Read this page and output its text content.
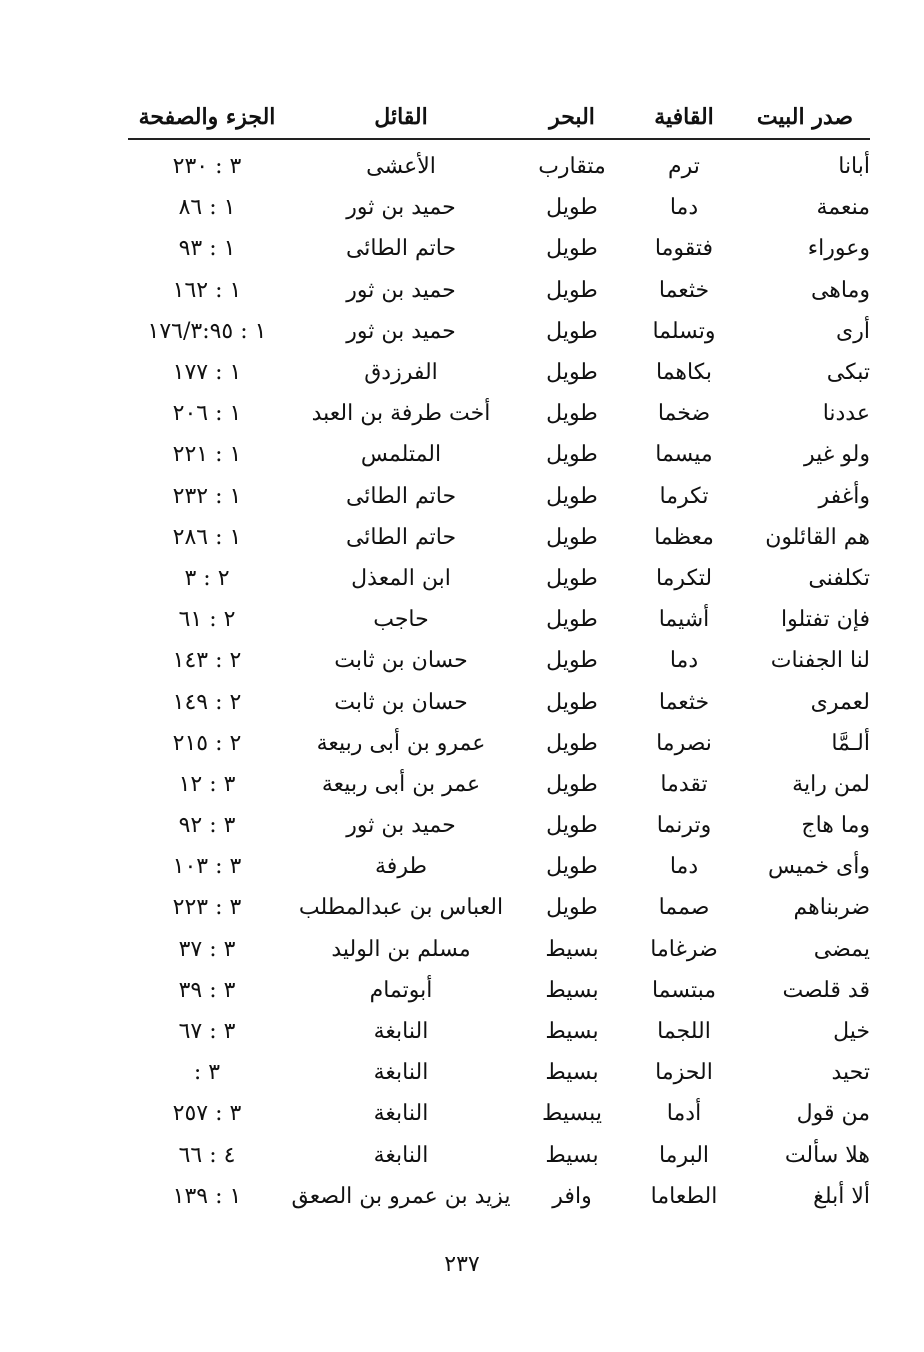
صدر البيت	القافية	البحر	القائل	الجزء والصفحة
أبانا	ترم	متقارب	الأعشى	٣ : ٢٣٠
منعمة	دما	طويل	حميد بن ثور	١ : ٨٦
وعوراء	فتقوما	طويل	حاتم الطائى	١ : ٩٣
وماهى	خثعما	طويل	حميد بن ثور	١ : ١٦٢
أرى	وتسلما	طويل	حميد بن ثور	١ : ١٧٦/٣:٩٥
تبكى	بكاهما	طويل	الفرزدق	١ : ١٧٧
عددنا	ضخما	طويل	أخت طرفة بن العبد	١ : ٢٠٦
ولو غير	ميسما	طويل	المتلمس	١ : ٢٢١
وأغفر	تكرما	طويل	حاتم الطائى	١ : ٢٣٢
هم القائلون	معظما	طويل	حاتم الطائى	١ : ٢٨٦
تكلفنى	لتكرما	طويل	ابن المعذل	٢ : ٣
فإن تفتلوا	أشيما	طويل	حاجب	٢ : ٦١
لنا الجفنات	دما	طويل	حسان بن ثابت	٢ : ١٤٣
لعمرى	خثعما	طويل	حسان بن ثابت	٢ : ١٤٩
ألـمَّا	نصرما	طويل	عمرو بن أبى ربيعة	٢ : ٢١٥
لمن راية	تقدما	طويل	عمر بن أبى ربيعة	٣ : ١٢
وما هاج	وترنما	طويل	حميد بن ثور	٣ : ٩٢
وأى خميس	دما	طويل	طرفة	٣ : ١٠٣
ضربناهم	صمما	طويل	العباس بن عبدالمطلب	٣ : ٢٢٣
يمضى	ضرغاما	بسيط	مسلم بن الوليد	٣ : ٣٧
قد قلصت	مبتسما	بسيط	أبوتمام	٣ : ٣٩
خيل	اللجما	بسيط	النابغة	٣ : ٦٧
تحيد	الحزما	بسيط	النابغة	٣ :
من قول	أدما	يبسيط	النابغة	٣ : ٢٥٧
هلا سألت	البرما	بسيط	النابغة	٤ : ٦٦
ألا أبلغ	الطعاما	وافر	يزيد بن عمرو بن الصعق	١ : ١٣٩
٢٣٧
